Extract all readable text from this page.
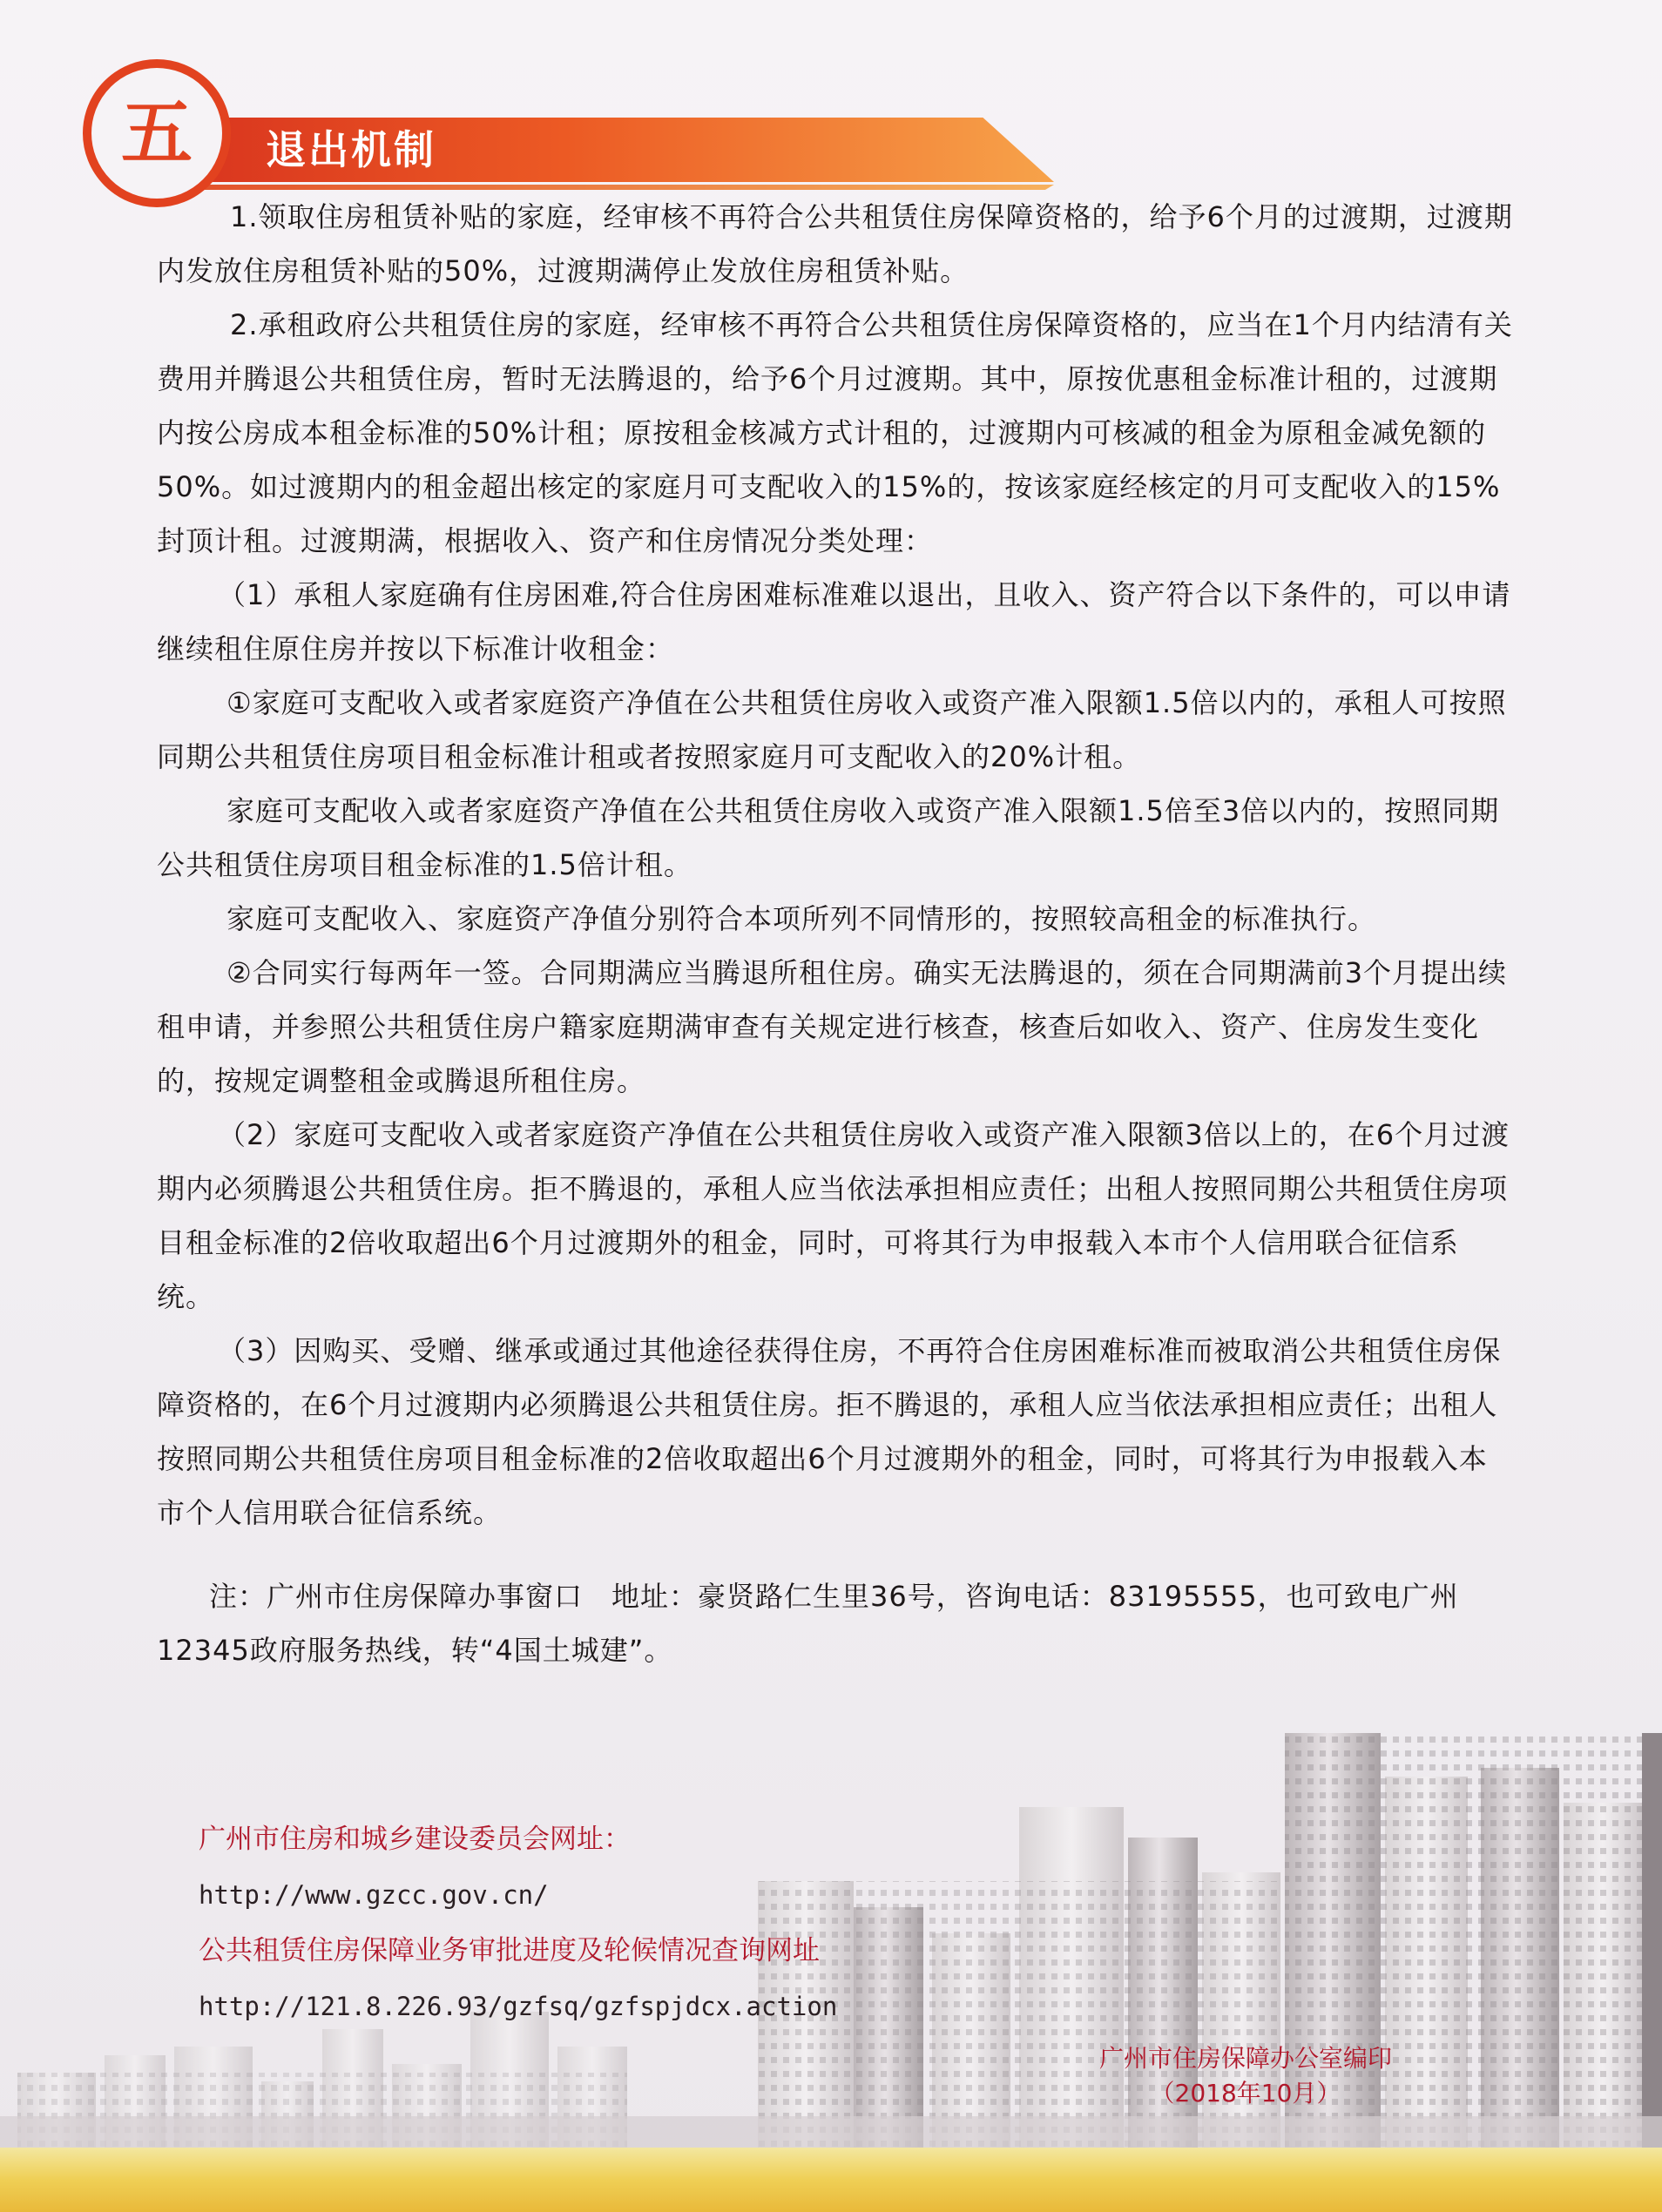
五	退出机制

1.领取住房租赁补贴的家庭，经审核不再符合公共租赁住房保障资格的，给予6个月的过渡期，过渡期内发放住房租赁补贴的50%，过渡期满停止发放住房租赁补贴。

2.承租政府公共租赁住房的家庭，经审核不再符合公共租赁住房保障资格的，应当在1个月内结清有关费用并腾退公共租赁住房，暂时无法腾退的，给予6个月过渡期。其中，原按优惠租金标准计租的，过渡期内按公房成本租金标准的50%计租；原按租金核减方式计租的，过渡期内可核减的租金为原租金减免额的50%。如过渡期内的租金超出核定的家庭月可支配收入的15%的，按该家庭经核定的月可支配收入的15%封顶计租。过渡期满，根据收入、资产和住房情况分类处理：

（1）承租人家庭确有住房困难,符合住房困难标准难以退出，且收入、资产符合以下条件的，可以申请继续租住原住房并按以下标准计收租金：

①家庭可支配收入或者家庭资产净值在公共租赁住房收入或资产准入限额1.5倍以内的，承租人可按照同期公共租赁住房项目租金标准计租或者按照家庭月可支配收入的20%计租。

家庭可支配收入或者家庭资产净值在公共租赁住房收入或资产准入限额1.5倍至3倍以内的，按照同期公共租赁住房项目租金标准的1.5倍计租。

家庭可支配收入、家庭资产净值分别符合本项所列不同情形的，按照较高租金的标准执行。

②合同实行每两年一签。合同期满应当腾退所租住房。确实无法腾退的，须在合同期满前3个月提出续租申请，并参照公共租赁住房户籍家庭期满审查有关规定进行核查，核查后如收入、资产、住房发生变化的，按规定调整租金或腾退所租住房。

（2）家庭可支配收入或者家庭资产净值在公共租赁住房收入或资产准入限额3倍以上的，在6个月过渡期内必须腾退公共租赁住房。拒不腾退的，承租人应当依法承担相应责任；出租人按照同期公共租赁住房项目租金标准的2倍收取超出6个月过渡期外的租金，同时，可将其行为申报载入本市个人信用联合征信系统。

（3）因购买、受赠、继承或通过其他途径获得住房，不再符合住房困难标准而被取消公共租赁住房保障资格的，在6个月过渡期内必须腾退公共租赁住房。拒不腾退的，承租人应当依法承担相应责任；出租人按照同期公共租赁住房项目租金标准的2倍收取超出6个月过渡期外的租金，同时，可将其行为申报载入本市个人信用联合征信系统。

注：广州市住房保障办事窗口　地址：豪贤路仁生里36号，咨询电话：83195555，也可致电广州12345政府服务热线，转“4国土城建”。

广州市住房和城乡建设委员会网址：
http://www.gzcc.gov.cn/
公共租赁住房保障业务审批进度及轮候情况查询网址
http://121.8.226.93/gzfsq/gzfspjdcx.action
广州市住房保障办公室编印
（2018年10月）
